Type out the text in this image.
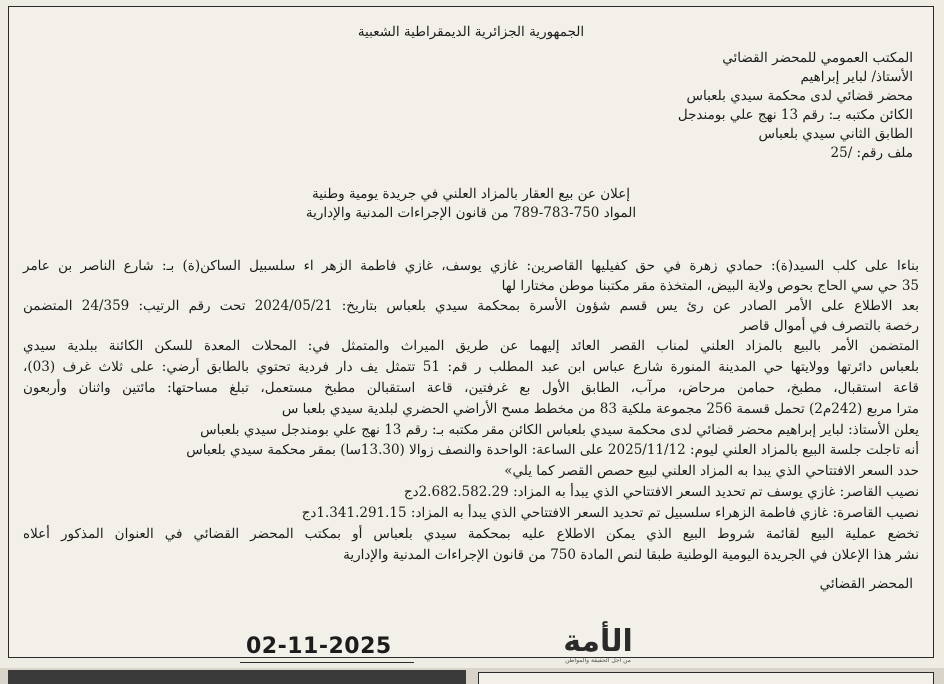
الجمهورية الجزائرية الديمقراطية الشعبية
المكتب العمومي للمحضر القضائي
الأستاذ/ لباير إبراهيم
محضر قضائي لدى محكمة سيدي بلعباس
الكائن مكتبه بـ: رقم 13 نهج علي بومندجل
الطابق الثاني سيدي بلعباس
ملف رقم: /25
إعلان عن بيع العقار بالمزاد العلني في جريدة يومية وطنية
المواد 750-783-789 من قانون الإجراءات المدنية والإدارية
بناءا على كلب السيد(ة): حمادي زهرة في حق كفيليها القاصرين: غازي يوسف، غازي فاطمة الزهر اء سلسبيل الساكن(ة) بـ: شارع الناصر بن عامر
35 حي سي الحاج بحوص ولاية البيض، المتخذة مقر مكتبنا موطن مختارا لها
بعد الاطلاع على الأمر الصادر عن رئ يس قسم شؤون الأسرة بمحكمة سيدي بلعباس بتاريخ: 2024/05/21 تحت رقم الرتيب: 24/359 المتضمن
رخصة بالتصرف في أموال قاصر
المتضمن الأمر بالبيع بالمزاد العلني لمناب القصر العائد إليهما عن طريق الميراث والمتمثل في: المحلات المعدة للسكن الكائنة ببلدية سيدي
بلعباس دائرتها وولايتها حي المدينة المنورة شارع عباس ابن عبد المطلب ر قم: 51 تتمثل يف دار فردية تحتوي بالطابق أرضي: على ثلاث غرف (03)،
قاعة استقبال، مطبخ، حمامن مرحاض، مرآب، الطابق الأول بع غرفتين، قاعة استقبالن مطبخ مستعمل، تبلغ مساحتها: مائتين واثنان وأربعون
مترا مربع (242م2) تحمل قسمة 256 مجموعة ملكية 83 من مخطط مسح الأراضي الحضري لبلدية سيدي بلعبا س
يعلن الأستاذ: لباير إبراهيم محضر قضائي لدى محكمة سيدي بلعباس الكائن مقر مكتبه بـ: رقم 13 نهج علي بومندجل سيدي بلعباس
أنه تاجلت جلسة البيع بالمزاد العلني ليوم: 2025/11/12 على الساعة: الواحدة والنصف زوالا (13.30سا) بمقر محكمة سيدي بلعباس
حدد السعر الافتتاحي الذي يبدا به المزاد العلني لبيع حصص القصر كما يلي»
نصيب القاصر: غازي يوسف تم تحديد السعر الافتتاحي الذي يبدأ به المزاد: 2.682.582.29دج
نصيب القاصرة: غازي فاطمة الزهراء سلسبيل تم تحديد السعر الافتتاحي الذي يبدأ به المزاد: 1.341.291.15دج
تخضع عملية البيع لقائمة شروط البيع الذي يمكن الاطلاع عليه بمحكمة سيدي بلعباس أو بمكتب المحضر القضائي في العنوان المذكور أعلاه
نشر هذا الإعلان في الجريدة اليومية الوطنية طبقا لنص المادة 750 من قانون الإجراءات المدنية والإدارية
المحضر القضائي
الأمة
من اجل الحقيقة والمواطن
02-11-2025
